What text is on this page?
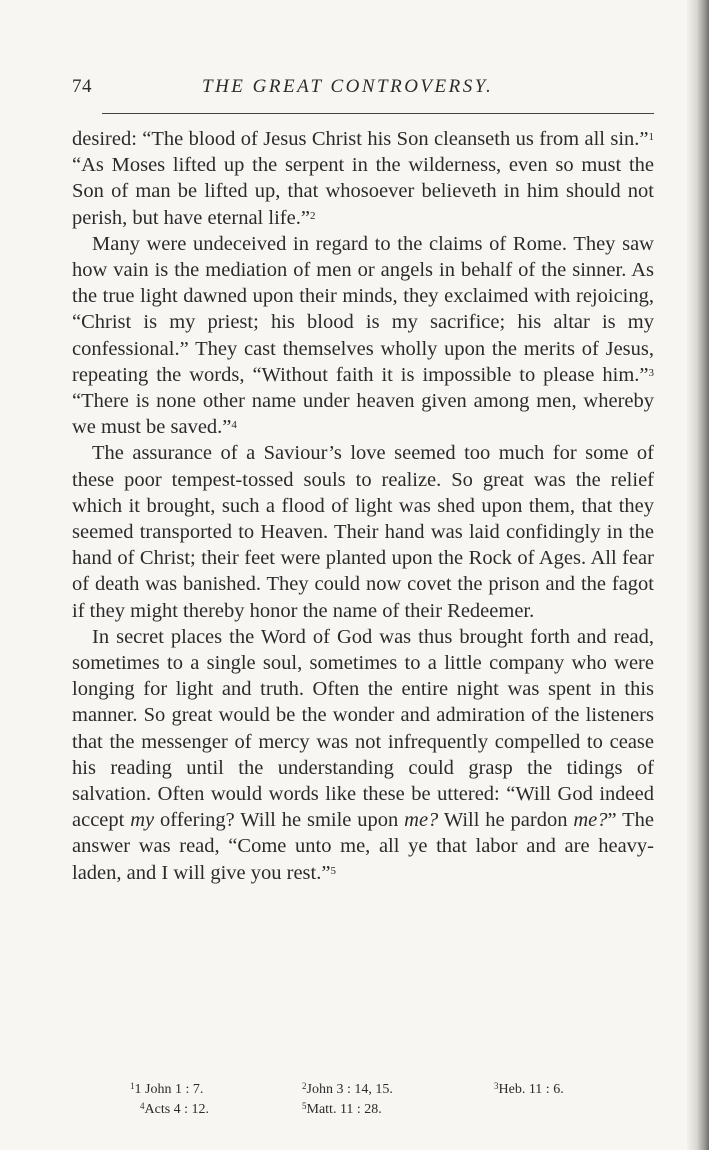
74	THE GREAT CONTROVERSY.

desired: “The blood of Jesus Christ his Son cleanseth us from all sin.”$^1$ “As Moses lifted up the serpent in the wilderness, even so must the Son of man be lifted up, that whosoever believeth in him should not perish, but have eternal life.”$^2$

Many were undeceived in regard to the claims of Rome. They saw how vain is the mediation of men or angels in behalf of the sinner. As the true light dawned upon their minds, they exclaimed with rejoicing, “Christ is my priest; his blood is my sacrifice; his altar is my confessional.” They cast themselves wholly upon the merits of Jesus, repeating the words, “Without faith it is impossible to please him.”$^3$ “There is none other name under heaven given among men, whereby we must be saved.”$^4$

The assurance of a Saviour’s love seemed too much for some of these poor tempest-tossed souls to realize. So great was the relief which it brought, such a flood of light was shed upon them, that they seemed transported to Heaven. Their hand was laid confidingly in the hand of Christ; their feet were planted upon the Rock of Ages. All fear of death was banished. They could now covet the prison and the fagot if they might thereby honor the name of their Redeemer.

In secret places the Word of God was thus brought forth and read, sometimes to a single soul, sometimes to a little company who were longing for light and truth. Often the entire night was spent in this manner. So great would be the wonder and admiration of the listeners that the messenger of mercy was not infrequently compelled to cease his reading until the understanding could grasp the tidings of salvation. Often would words like these be uttered: “Will God indeed accept my offering? Will he smile upon me? Will he pardon me?” The answer was read, “Come unto me, all ye that labor and are heavy-laden, and I will give you rest.”$^5$

$^1$1 John 1 : 7.	$^2$John 3 : 14, 15.	$^3$Heb. 11 : 6.
$^4$Acts 4 : 12.	$^5$Matt. 11 : 28.
